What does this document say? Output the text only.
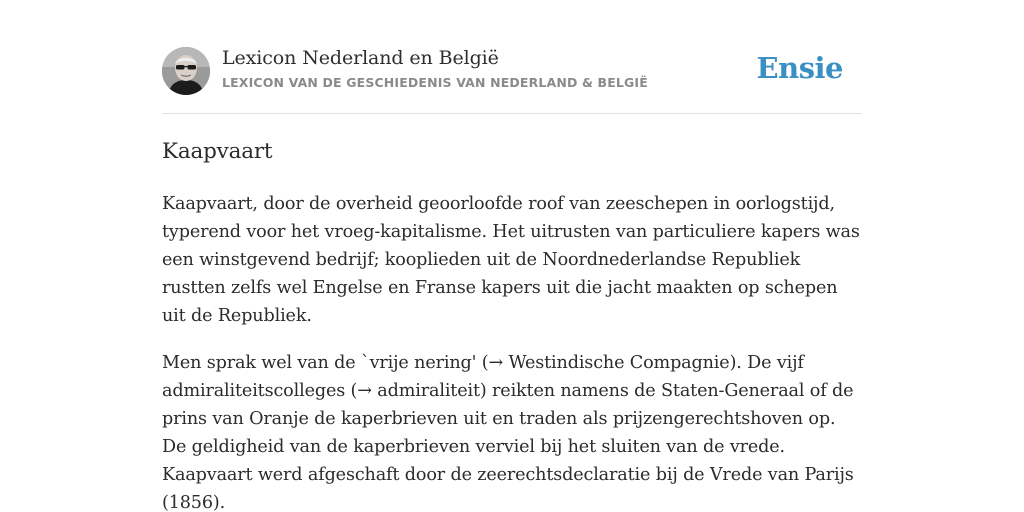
Lexicon Nederland en België
LEXICON VAN DE GESCHIEDENIS VAN NEDERLAND & BELGIË	Ensie
Kaapvaart

Kaapvaart, door de overheid geoorloofde roof van zeeschepen in oorlogstijd, typerend voor het vroeg-kapitalisme. Het uitrusten van particuliere kapers was een winstgevend bedrijf; kooplieden uit de Noordnederlandse Republiek rustten zelfs wel Engelse en Franse kapers uit die jacht maakten op schepen uit de Republiek.

Men sprak wel van de `vrije nering' (→ Westindische Compagnie). De vijf admiraliteitscolleges (→ admiraliteit) reikten namens de Staten-Generaal of de prins van Oranje de kaperbrieven uit en traden als prijzengerechtshoven op. De geldigheid van de kaperbrieven verviel bij het sluiten van de vrede. Kaapvaart werd afgeschaft door de zeerechtsdeclaratie bij de Vrede van Parijs (1856).
